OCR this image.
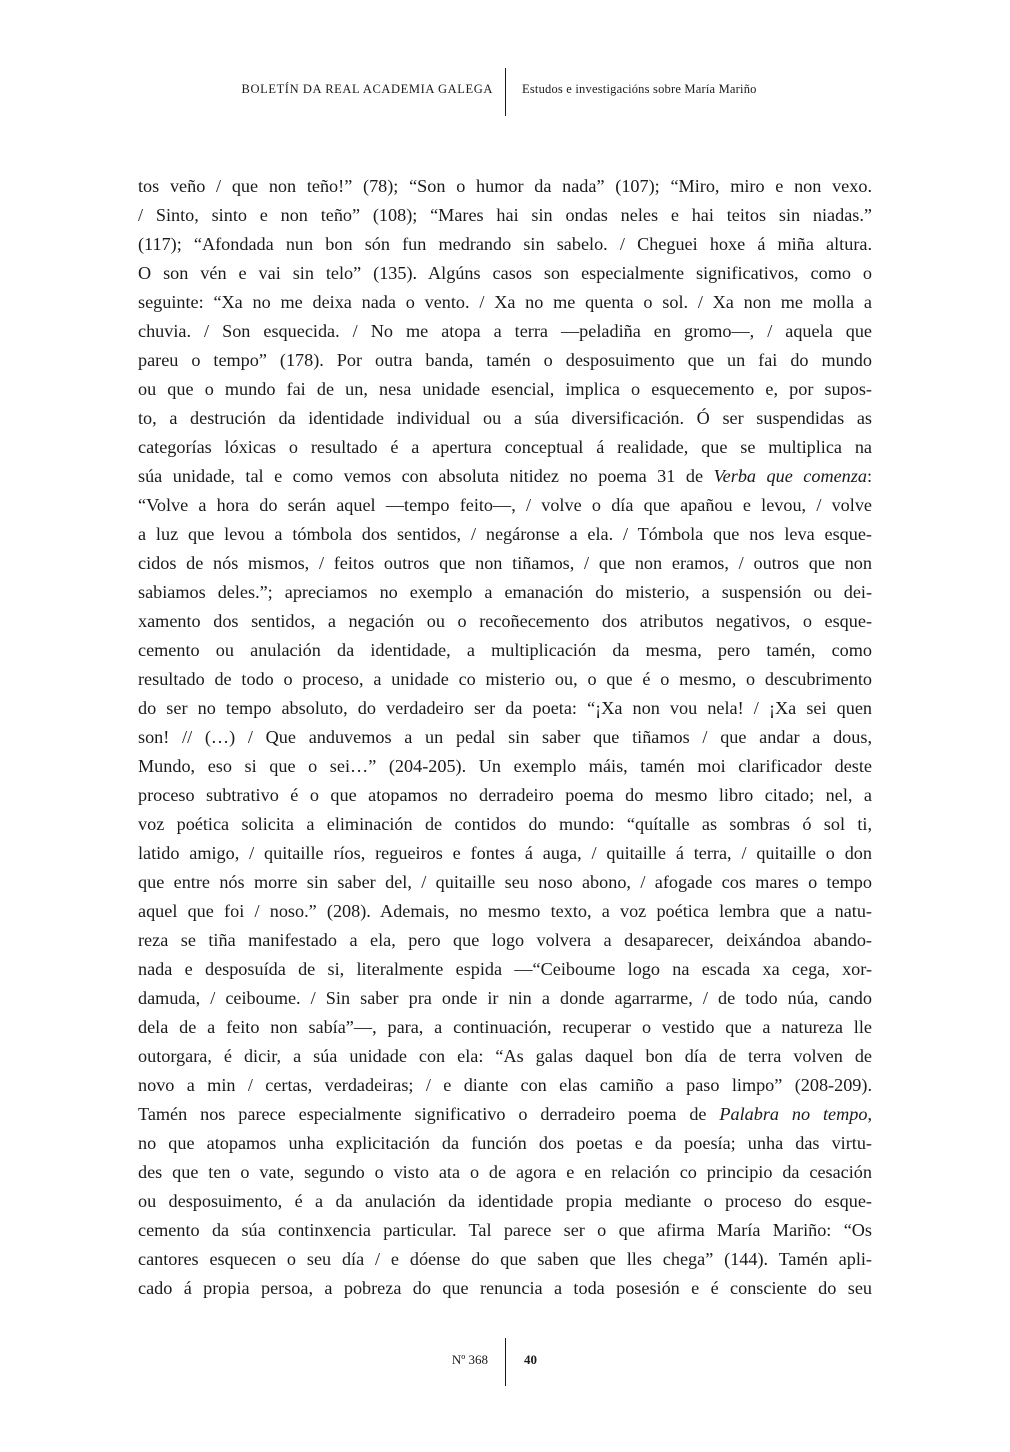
BOLETÍN DA REAL ACADEMIA GALEGA Estudos e investigacións sobre María Mariño
tos veño / que non teño!” (78); “Son o humor da nada” (107); “Miro, miro e non vexo.
/ Sinto, sinto e non teño” (108); “Mares hai sin ondas neles e hai teitos sin niadas.”
(117); “Afondada nun bon són fun medrando sin sabelo. / Cheguei hoxe á miña altura.
O son vén e vai sin telo” (135). Algúns casos son especialmente significativos, como o
seguinte: “Xa no me deixa nada o vento. / Xa no me quenta o sol. / Xa non me molla a
chuvia. / Son esquecida. / No me atopa a terra —peladiña en gromo—, / aquela que
pareu o tempo” (178). Por outra banda, tamén o desposuimento que un fai do mundo
ou que o mundo fai de un, nesa unidade esencial, implica o esquecemento e, por supos-
to, a destrución da identidade individual ou a súa diversificación. Ó ser suspendidas as
categorías lóxicas o resultado é a apertura conceptual á realidade, que se multiplica na
súa unidade, tal e como vemos con absoluta nitidez no poema 31 de Verba que comenza:
“Volve a hora do serán aquel —tempo feito—, / volve o día que apañou e levou, / volve
a luz que levou a tómbola dos sentidos, / negáronse a ela. / Tómbola que nos leva esque-
cidos de nós mismos, / feitos outros que non tiñamos, / que non eramos, / outros que non
sabiamos deles.”; apreciamos no exemplo a emanación do misterio, a suspensión ou dei-
xamento dos sentidos, a negación ou o recoñecemento dos atributos negativos, o esque-
cemento ou anulación da identidade, a multiplicación da mesma, pero tamén, como
resultado de todo o proceso, a unidade co misterio ou, o que é o mesmo, o descubrimento
do ser no tempo absoluto, do verdadeiro ser da poeta: “¡Xa non vou nela! / ¡Xa sei quen
son! // (…) / Que anduvemos a un pedal sin saber que tiñamos / que andar a dous,
Mundo, eso si que o sei…” (204-205). Un exemplo máis, tamén moi clarificador deste
proceso subtrativo é o que atopamos no derradeiro poema do mesmo libro citado; nel, a
voz poética solicita a eliminación de contidos do mundo: “quítalle as sombras ó sol ti,
latido amigo, / quitaille ríos, regueiros e fontes á auga, / quitaille á terra, / quitaille o don
que entre nós morre sin saber del, / quitaille seu noso abono, / afogade cos mares o tempo
aquel que foi / noso.” (208). Ademais, no mesmo texto, a voz poética lembra que a natu-
reza se tiña manifestado a ela, pero que logo volvera a desaparecer, deixándoa abando-
nada e desposuída de si, literalmente espida —“Ceiboume logo na escada xa cega, xor-
damuda, / ceiboume. / Sin saber pra onde ir nin a donde agarrarme, / de todo núa, cando
dela de a feito non sabía”—, para, a continuación, recuperar o vestido que a natureza lle
outorgara, é dicir, a súa unidade con ela: “As galas daquel bon día de terra volven de
novo a min / certas, verdadeiras; / e diante con elas camiño a paso limpo” (208-209).
Tamén nos parece especialmente significativo o derradeiro poema de Palabra no tempo,
no que atopamos unha explicitación da función dos poetas e da poesía; unha das virtu-
des que ten o vate, segundo o visto ata o de agora e en relación co principio da cesación
ou desposuimento, é a da anulación da identidade propia mediante o proceso do esque-
cemento da súa continxencia particular. Tal parece ser o que afirma María Mariño: “Os
cantores esquecen o seu día / e dóense do que saben que lles chega” (144). Tamén apli-
cado á propia persoa, a pobreza do que renuncia a toda posesión e é consciente do seu
Nº 368	40
